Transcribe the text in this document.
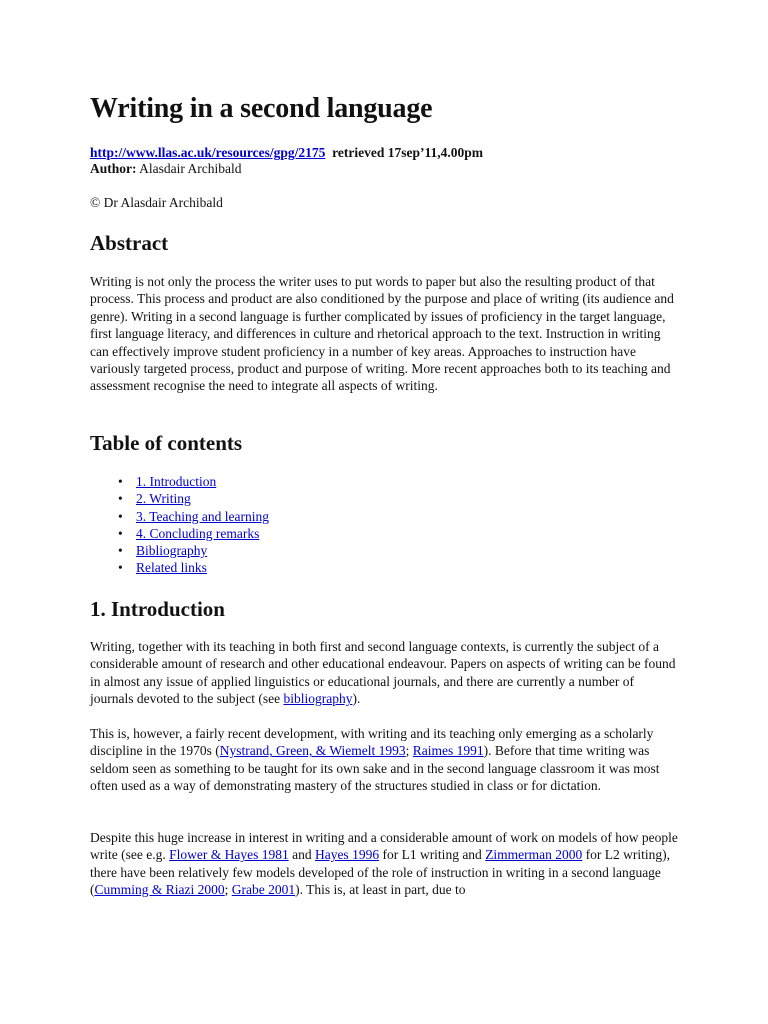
Writing in a second language
http://www.llas.ac.uk/resources/gpg/2175 retrieved 17sep’11,4.00pm
Author: Alasdair Archibald
© Dr Alasdair Archibald
Abstract

Writing is not only the process the writer uses to put words to paper but also the resulting product of that process. This process and product are also conditioned by the purpose and place of writing (its audience and genre). Writing in a second language is further complicated by issues of proficiency in the target language, first language literacy, and differences in culture and rhetorical approach to the text. Instruction in writing can effectively improve student proficiency in a number of key areas. Approaches to instruction have variously targeted process, product and purpose of writing. More recent approaches both to its teaching and assessment recognise the need to integrate all aspects of writing.

Table of contents
• 1. Introduction
• 2. Writing
• 3. Teaching and learning
• 4. Concluding remarks
• Bibliography
• Related links
1. Introduction

Writing, together with its teaching in both first and second language contexts, is currently the subject of a considerable amount of research and other educational endeavour. Papers on aspects of writing can be found in almost any issue of applied linguistics or educational journals, and there are currently a number of journals devoted to the subject (see bibliography).

This is, however, a fairly recent development, with writing and its teaching only emerging as a scholarly discipline in the 1970s (Nystrand, Green, & Wiemelt 1993; Raimes 1991). Before that time writing was seldom seen as something to be taught for its own sake and in the second language classroom it was most often used as a way of demonstrating mastery of the structures studied in class or for dictation.

Despite this huge increase in interest in writing and a considerable amount of work on models of how people write (see e.g. Flower & Hayes 1981 and Hayes 1996 for L1 writing and Zimmerman 2000 for L2 writing), there have been relatively few models developed of the role of instruction in writing in a second language (Cumming & Riazi 2000; Grabe 2001). This is, at least in part, due to
